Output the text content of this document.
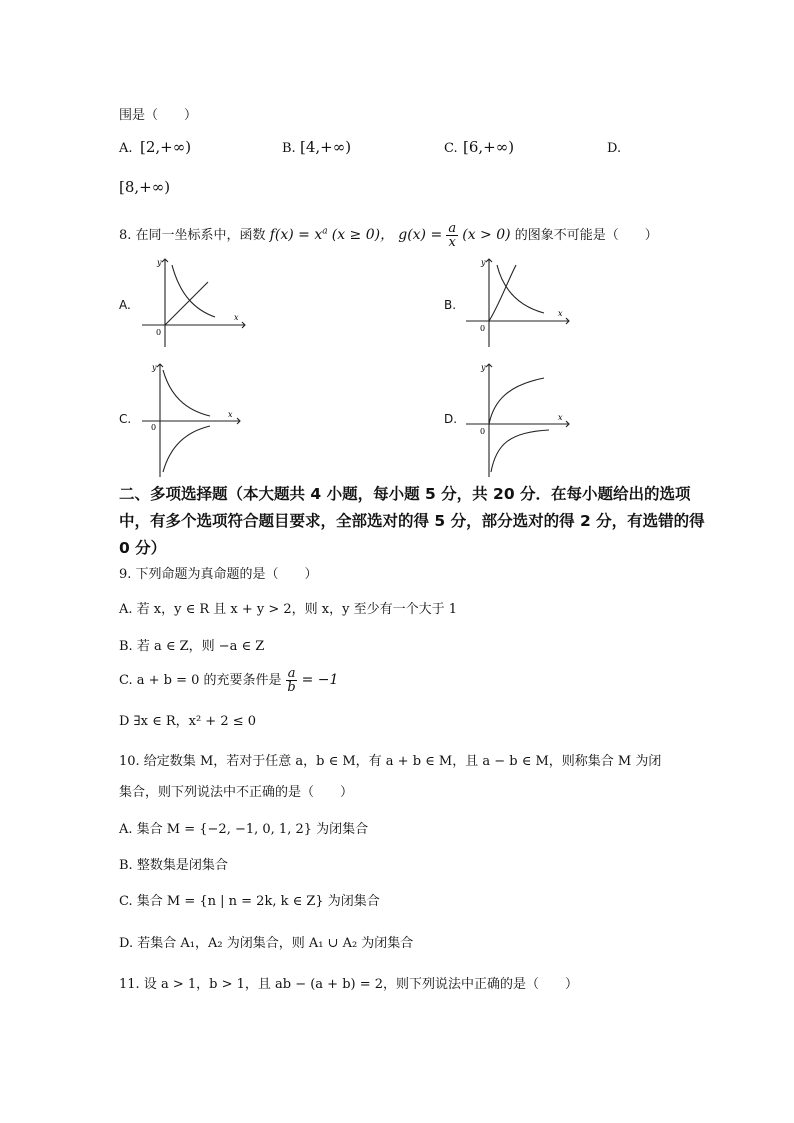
围是（　　）
A. [2,+∞)	B. [4,+∞)	C. [6,+∞)	D.
[8,+∞)
8. 在同一坐标系中，函数 $f(x) = x^a$ (x ≥ 0)， $g(x) = \frac{a}{x} (x > 0)$ 的图象不可能是（　　）
A.	B.
C.	D.
y
x
0
y
x
0
y
x
0
y
x
0
二、多项选择题（本大题共 4 小题，每小题 5 分，共 20 分．在每小题给出的选项中，有多个选项符合题目要求，全部选对的得 5 分，部分选对的得 2 分，有选错的得 0 分）
9. 下列命题为真命题的是（　　）
A. 若 x，y ∈ R 且 x + y > 2，则 x，y 至少有一个大于 1
B. 若 a ∈ Z，则 −a ∈ Z
C. a + b = 0 的充要条件是 $\frac{a}{b} = -1$
D ∃x ∈ R，x² + 2 ≤ 0
10. 给定数集 M，若对于任意 a，b ∈ M，有 a + b ∈ M，且 a − b ∈ M，则称集合 M 为闭
集合，则下列说法中不正确的是（　　）
A. 集合 M = {−2, −1, 0, 1, 2} 为闭集合
B. 整数集是闭集合
C. 集合 M = {n | n = 2k, k ∈ Z} 为闭集合
D. 若集合 A₁，A₂ 为闭集合，则 A₁ ∪ A₂ 为闭集合
11. 设 a > 1，b > 1，且 ab − (a + b) = 2，则下列说法中正确的是（　　）
